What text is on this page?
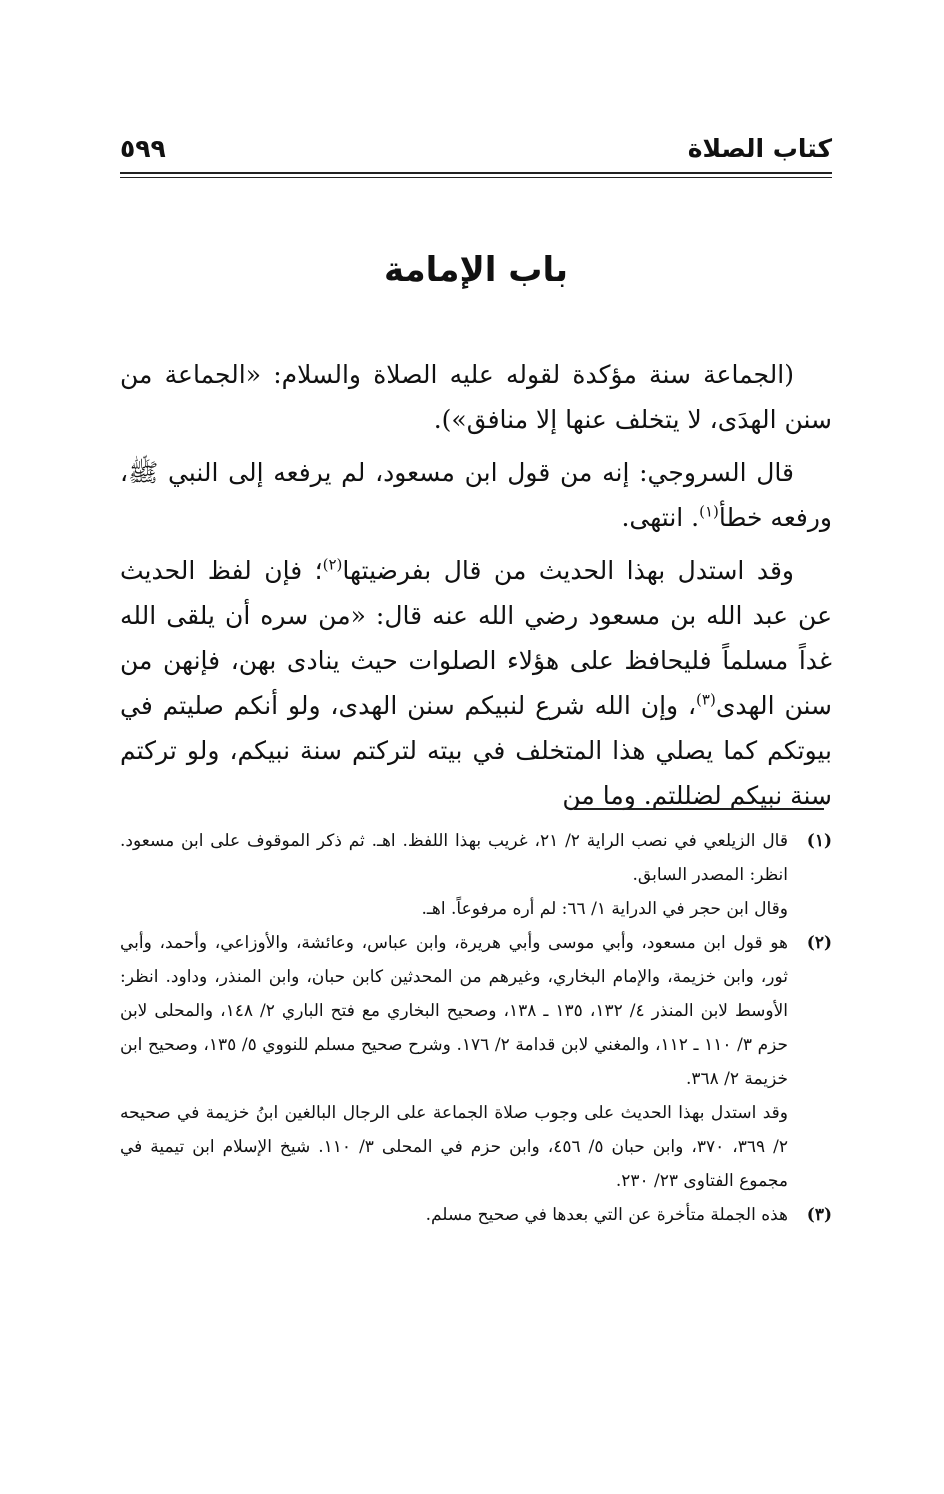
كتاب الصلاة
٥٩٩
باب الإمامة

(الجماعة سنة مؤكدة لقوله عليه الصلاة والسلام: «الجماعة من سنن الهدَى، لا يتخلف عنها إلا منافق»).

قال السروجي: إنه من قول ابن مسعود، لم يرفعه إلى النبي ﷺ، ورفعه خطأ$^{(١)}$. انتهى.

وقد استدل بهذا الحديث من قال بفرضيتها$^{(٢)}$؛ فإن لفظ الحديث عن عبد الله بن مسعود رضي الله عنه قال: «من سره أن يلقى الله غداً مسلماً فليحافظ على هؤلاء الصلوات حيث ينادى بهن، فإنهن من سنن الهدى$^{(٣)}$، وإن الله شرع لنبيكم سنن الهدى، ولو أنكم صليتم في بيوتكم كما يصلي هذا المتخلف في بيته لتركتم سنة نبيكم، ولو تركتم سنة نبيكم لضللتم. وما من

(١)

قال الزيلعي في نصب الراية ٢/ ٢١، غريب بهذا اللفظ. اهـ. ثم ذكر الموقوف على ابن مسعود. انظر: المصدر السابق.

وقال ابن حجر في الدراية ١/ ٦٦: لم أره مرفوعاً. اهـ.

(٢)

هو قول ابن مسعود، وأبي موسى وأبي هريرة، وابن عباس، وعائشة، والأوزاعي، وأحمد، وأبي ثور، وابن خزيمة، والإمام البخاري، وغيرهم من المحدثين كابن حبان، وابن المنذر، وداود. انظر: الأوسط لابن المنذر ٤/ ١٣٢، ١٣٥ ـ ١٣٨، وصحيح البخاري مع فتح الباري ٢/ ١٤٨، والمحلى لابن حزم ٣/ ١١٠ ـ ١١٢، والمغني لابن قدامة ٢/ ١٧٦. وشرح صحيح مسلم للنووي ٥/ ١٣٥، وصحيح ابن خزيمة ٢/ ٣٦٨.

وقد استدل بهذا الحديث على وجوب صلاة الجماعة على الرجال البالغين ابنُ خزيمة في صحيحه ٢/ ٣٦٩، ٣٧٠، وابن حبان ٥/ ٤٥٦، وابن حزم في المحلى ٣/ ١١٠. شيخ الإسلام ابن تيمية في مجموع الفتاوى ٢٣/ ٢٣٠.

(٣)

هذه الجملة متأخرة عن التي بعدها في صحيح مسلم.
